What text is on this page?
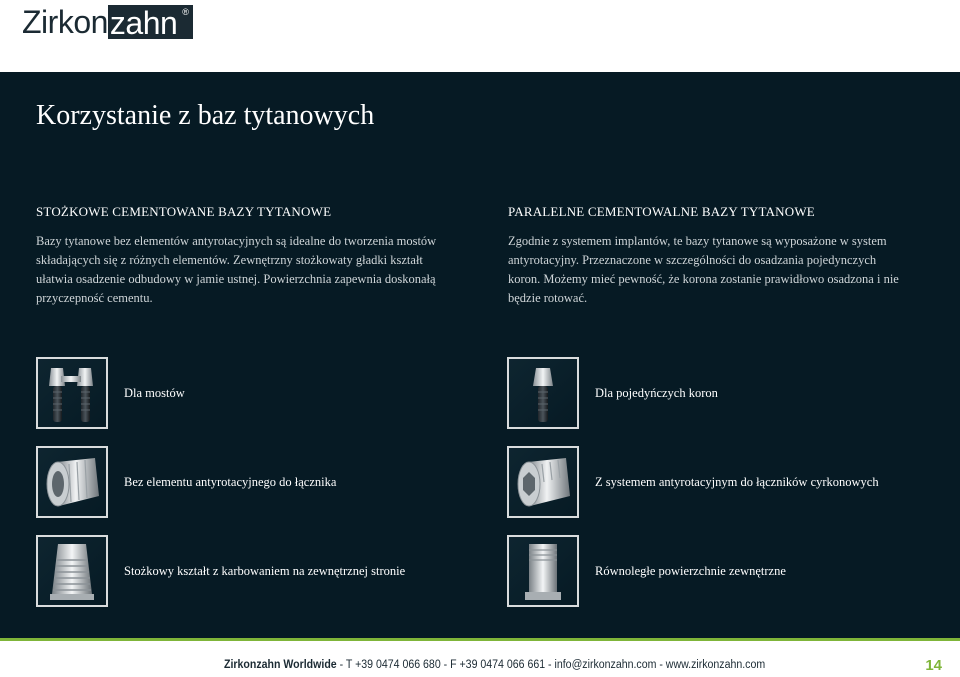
Zirkon zahn ®
Korzystanie z baz tytanowych
STOŻKOWE CEMENTOWANE BAZY TYTANOWE
Bazy tytanowe bez elementów antyrotacyjnych są idealne do tworzenia mostów
składających się z różnych elementów. Zewnętrzny stożkowaty gładki kształt
ułatwia osadzenie odbudowy w jamie ustnej. Powierzchnia zapewnia doskonałą
przyczepność cementu.
PARALELNE CEMENTOWALNE BAZY TYTANOWE
Zgodnie z systemem implantów, te bazy tytanowe są wyposażone w system
antyrotacyjny. Przeznaczone w szczególności do osadzania pojedynczych
koron. Możemy mieć pewność, że korona zostanie prawidłowo osadzona i nie
będzie rotować.
Dla mostów
Bez elementu antyrotacyjnego do łącznika
Stożkowy kształt z karbowaniem na zewnętrznej stronie
Dla pojedyńczych koron
Z systemem antyrotacyjnym do łączników cyrkonowych
Równoległe powierzchnie zewnętrzne
Zirkonzahn Worldwide - T +39 0474 066 680 - F +39 0474 066 661 - info@zirkonzahn.com - www.zirkonzahn.com	14
